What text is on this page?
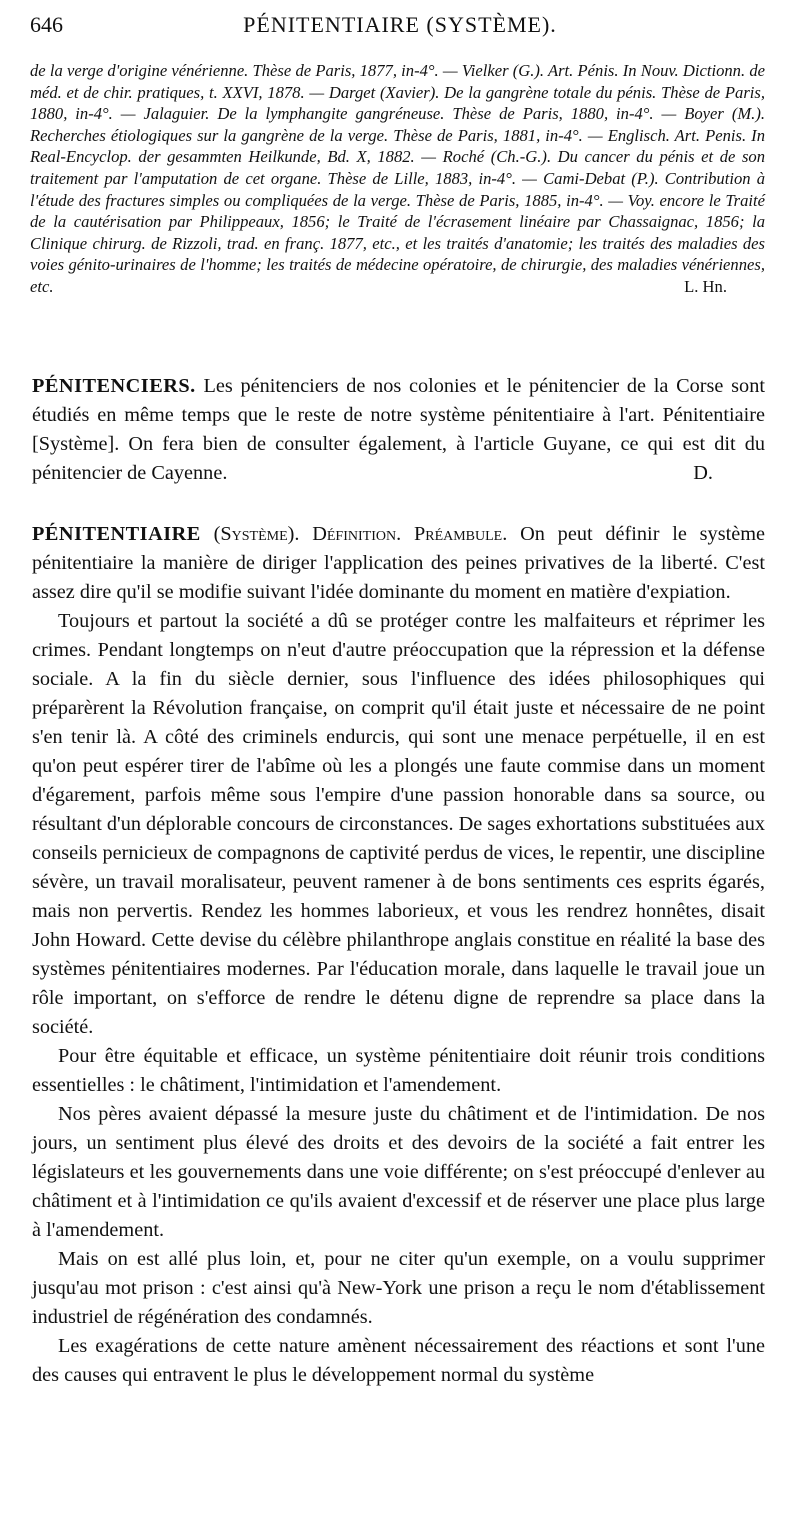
646	PÉNITENTIAIRE (SYSTÈME).
de la verge d'origine vénérienne. Thèse de Paris, 1877, in-4°. — Vielker (G.). Art. Pénis. In Nouv. Dictionn. de méd. et de chir. pratiques, t. XXVI, 1878. — Darget (Xavier). De la gangrène totale du pénis. Thèse de Paris, 1880, in-4°. — Jalaguier. De la lymphangite gangréneuse. Thèse de Paris, 1880, in-4°. — Boyer (M.). Recherches étiologiques sur la gangrène de la verge. Thèse de Paris, 1881, in-4°. — Englisch. Art. Penis. In Real-Encyclop. der gesammten Heilkunde, Bd. X, 1882. — Roché (Ch.-G.). Du cancer du pénis et de son traitement par l'amputation de cet organe. Thèse de Lille, 1883, in-4°. — Cami-Debat (P.). Contribution à l'étude des fractures simples ou compliquées de la verge. Thèse de Paris, 1885, in-4°. — Voy. encore le Traité de la cautérisation par Philippeaux, 1856; le Traité de l'écrasement linéaire par Chassaignac, 1856; la Clinique chirurg. de Rizzoli, trad. en franç. 1877, etc., et les traités d'anatomie; les traités des maladies des voies génito-urinaires de l'homme; les traités de médecine opératoire, de chirurgie, des maladies vénériennes, etc.	L. Hn.

PÉNITENCIERS. Les pénitenciers de nos colonies et le pénitencier de la Corse sont étudiés en même temps que le reste de notre système pénitentiaire à l'art. Pénitentiaire [Système]. On fera bien de consulter également, à l'article Guyane, ce qui est dit du pénitencier de Cayenne.	D.

PÉNITENTIAIRE (Système). Définition. Préambule. On peut définir le système pénitentiaire la manière de diriger l'application des peines privatives de la liberté. C'est assez dire qu'il se modifie suivant l'idée dominante du moment en matière d'expiation.

Toujours et partout la société a dû se protéger contre les malfaiteurs et réprimer les crimes. Pendant longtemps on n'eut d'autre préoccupation que la répression et la défense sociale. A la fin du siècle dernier, sous l'influence des idées philosophiques qui préparèrent la Révolution française, on comprit qu'il était juste et nécessaire de ne point s'en tenir là. A côté des criminels endurcis, qui sont une menace perpétuelle, il en est qu'on peut espérer tirer de l'abîme où les a plongés une faute commise dans un moment d'égarement, parfois même sous l'empire d'une passion honorable dans sa source, ou résultant d'un déplorable concours de circonstances. De sages exhortations substituées aux conseils pernicieux de compagnons de captivité perdus de vices, le repentir, une discipline sévère, un travail moralisateur, peuvent ramener à de bons sentiments ces esprits égarés, mais non pervertis. Rendez les hommes laborieux, et vous les rendrez honnêtes, disait John Howard. Cette devise du célèbre philanthrope anglais constitue en réalité la base des systèmes pénitentiaires modernes. Par l'éducation morale, dans laquelle le travail joue un rôle important, on s'efforce de rendre le détenu digne de reprendre sa place dans la société.

Pour être équitable et efficace, un système pénitentiaire doit réunir trois conditions essentielles : le châtiment, l'intimidation et l'amendement.

Nos pères avaient dépassé la mesure juste du châtiment et de l'intimidation. De nos jours, un sentiment plus élevé des droits et des devoirs de la société a fait entrer les législateurs et les gouvernements dans une voie différente; on s'est préoccupé d'enlever au châtiment et à l'intimidation ce qu'ils avaient d'excessif et de réserver une place plus large à l'amendement.

Mais on est allé plus loin, et, pour ne citer qu'un exemple, on a voulu supprimer jusqu'au mot prison : c'est ainsi qu'à New-York une prison a reçu le nom d'établissement industriel de régénération des condamnés.

Les exagérations de cette nature amènent nécessairement des réactions et sont l'une des causes qui entravent le plus le développement normal du système
